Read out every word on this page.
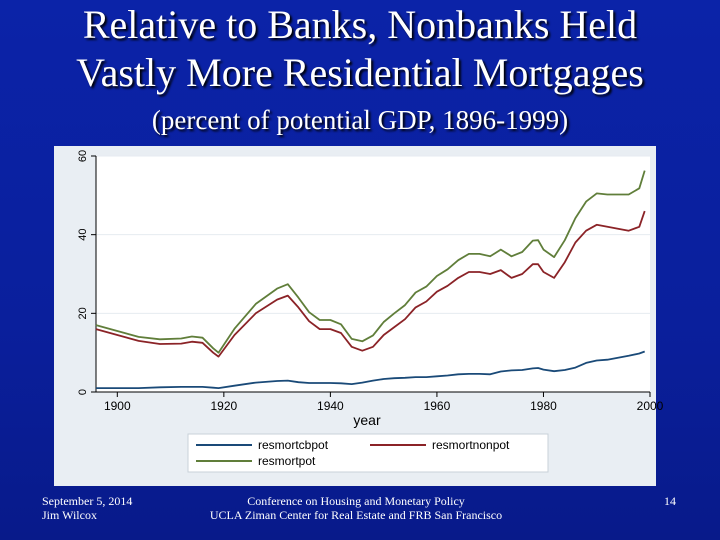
Relative to Banks, Nonbanks Held
Vastly More Residential Mortgages
(percent of potential GDP, 1896-1999)
0
20
40
60
1900	1920	1940	1960	1980	2000
year
resmortcbpot	resmortnonpot
resmortpot
September 5, 2014
Jim Wilcox
Conference on Housing and Monetary Policy
UCLA Ziman Center for Real Estate and FRB San Francisco
14
